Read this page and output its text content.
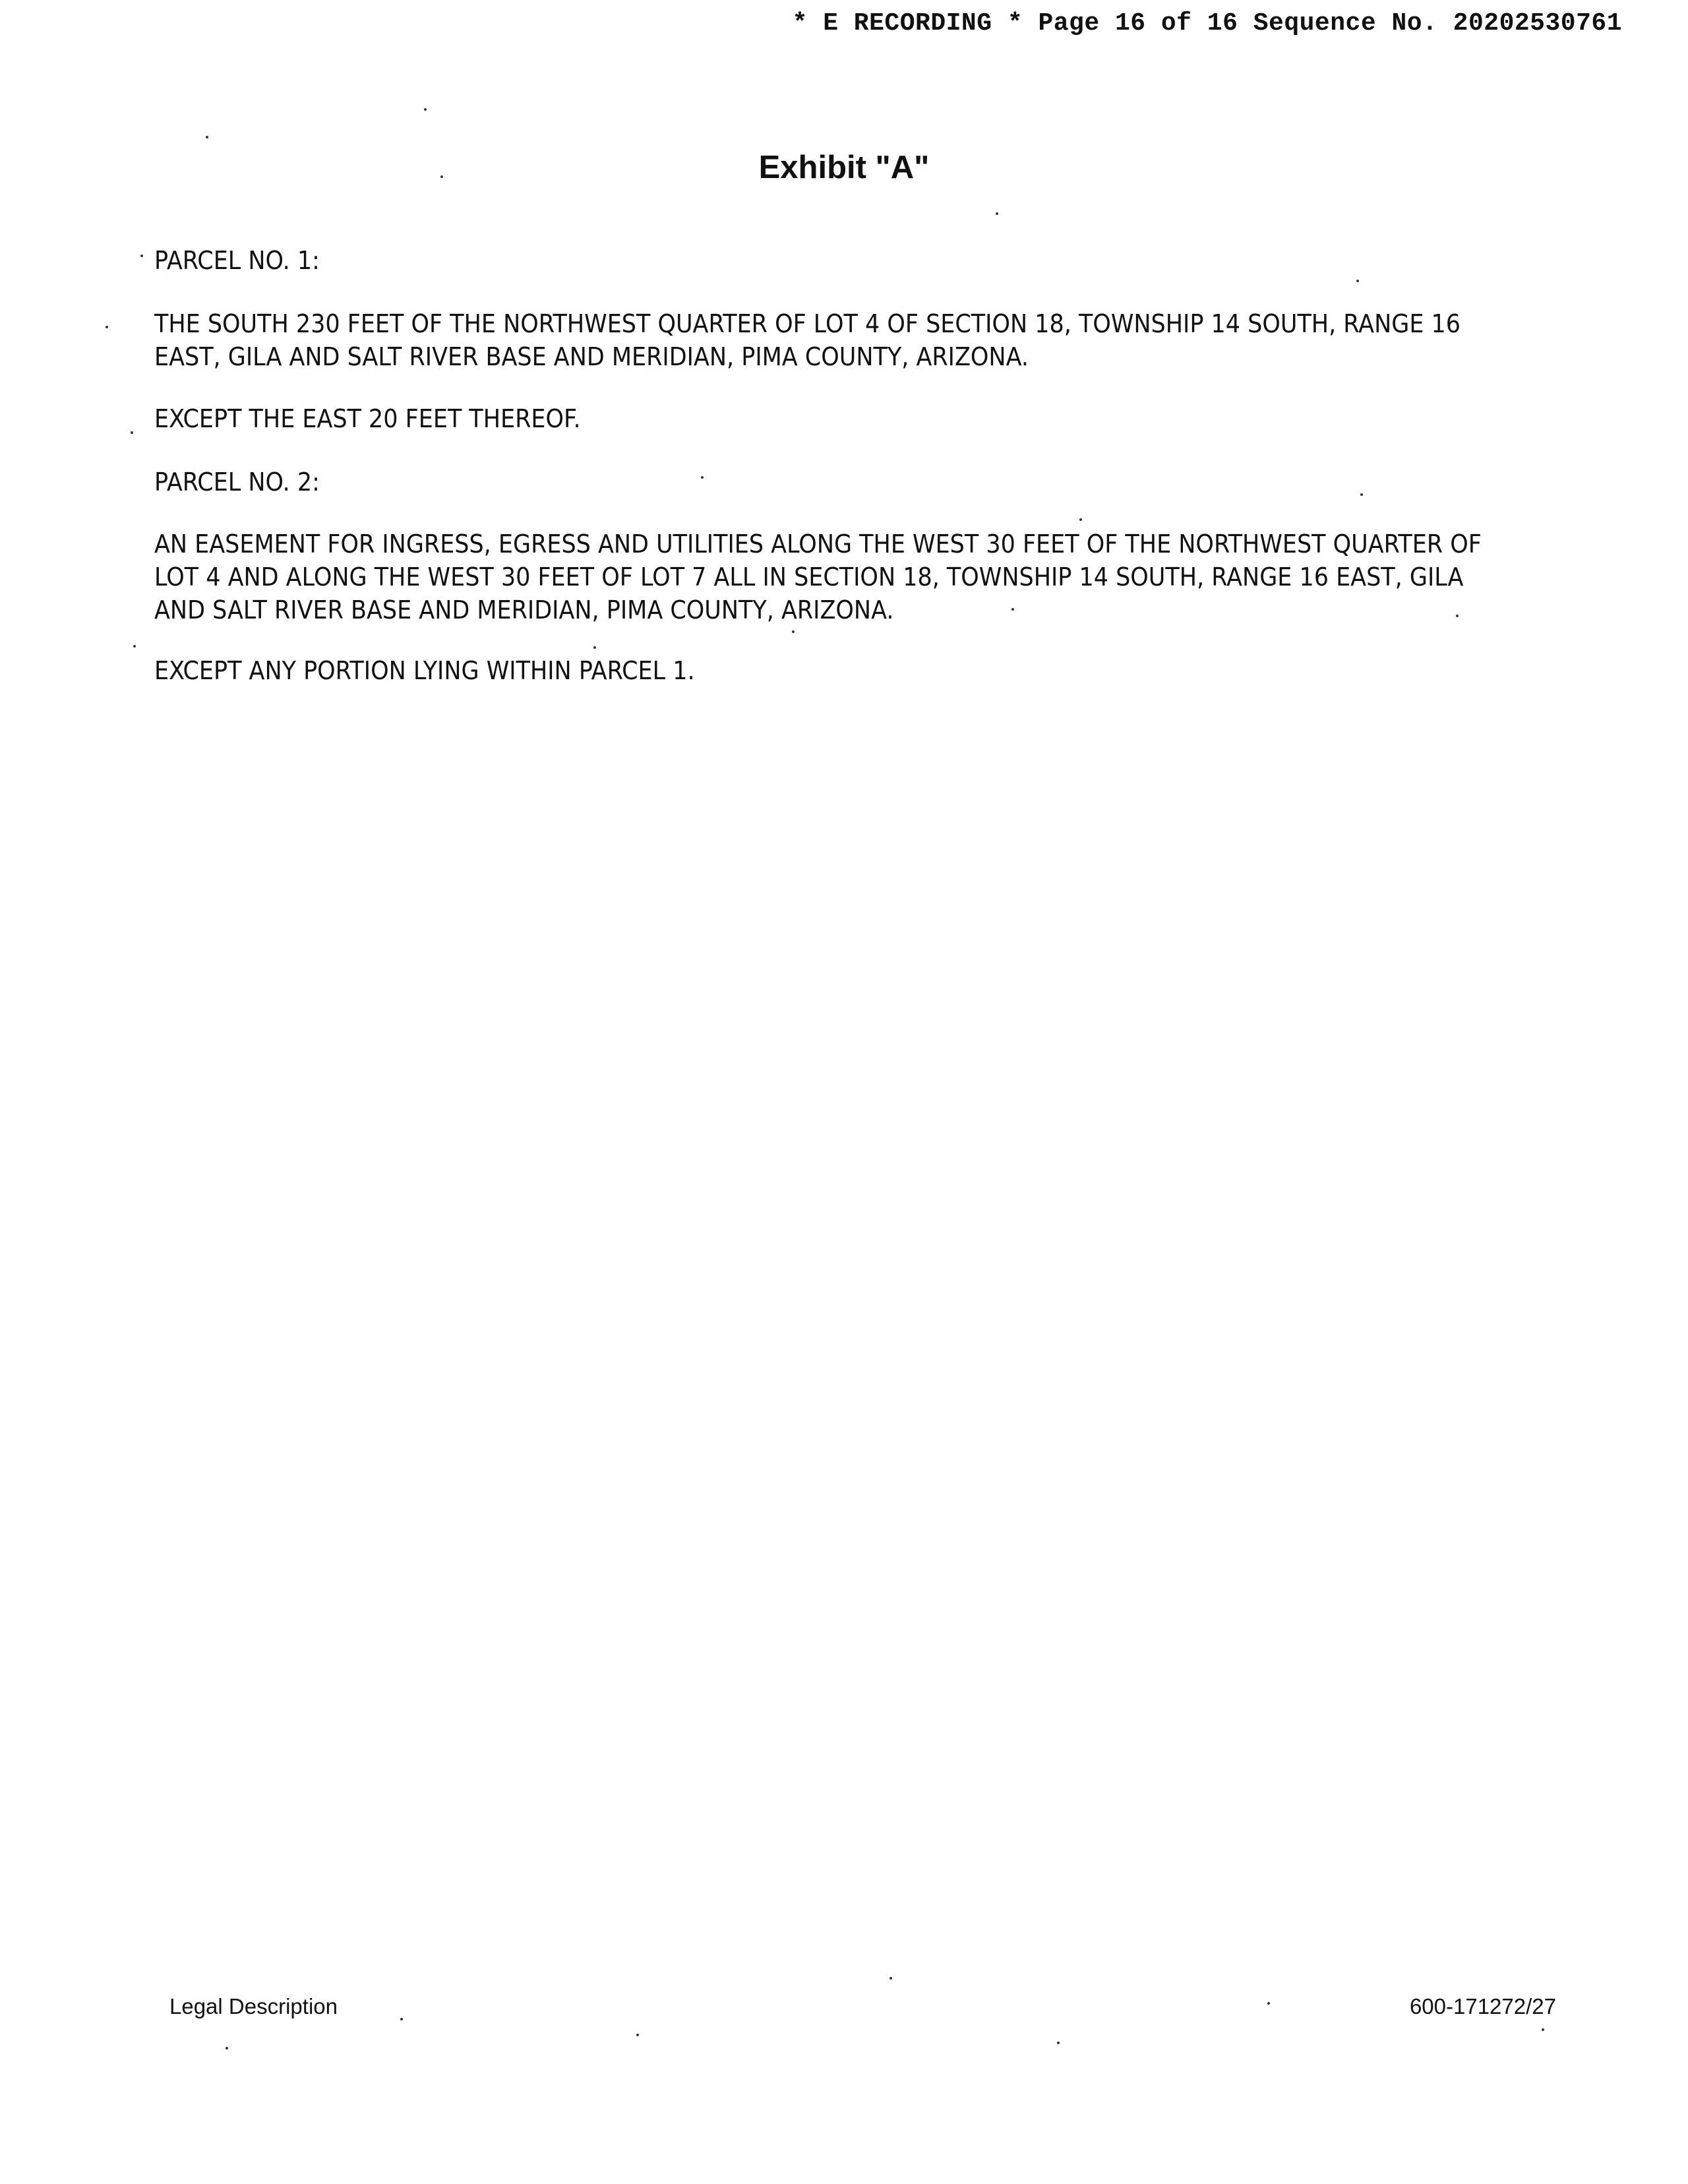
* E RECORDING * Page 16 of 16 Sequence No. 20202530761
Exhibit "A"
PARCEL NO. 1:
THE SOUTH 230 FEET OF THE NORTHWEST QUARTER OF LOT 4 OF SECTION 18, TOWNSHIP 14 SOUTH, RANGE 16
EAST, GILA AND SALT RIVER BASE AND MERIDIAN, PIMA COUNTY, ARIZONA.
EXCEPT THE EAST 20 FEET THEREOF.
PARCEL NO. 2:
AN EASEMENT FOR INGRESS, EGRESS AND UTILITIES ALONG THE WEST 30 FEET OF THE NORTHWEST QUARTER OF
LOT 4 AND ALONG THE WEST 30 FEET OF LOT 7 ALL IN SECTION 18, TOWNSHIP 14 SOUTH, RANGE 16 EAST, GILA
AND SALT RIVER BASE AND MERIDIAN, PIMA COUNTY, ARIZONA.
EXCEPT ANY PORTION LYING WITHIN PARCEL 1.
Legal Description	600-171272/27
